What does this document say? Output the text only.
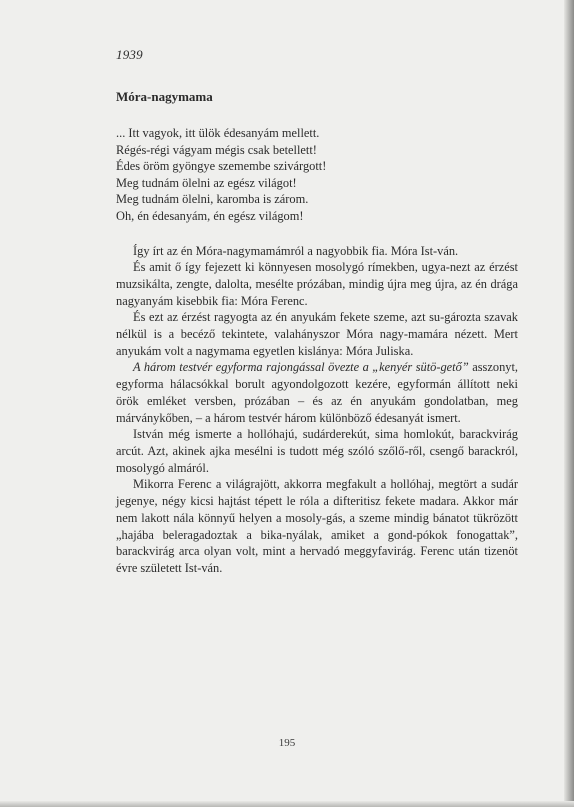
1939
Móra-nagymama
... Itt vagyok, itt ülök édesanyám mellett.
Régés-régi vágyam mégis csak betellett!
Édes öröm gyöngye szemembe szivárgott!
Meg tudnám ölelni az egész világot!
Meg tudnám ölelni, karomba is zárom.
Oh, én édesanyám, én egész világom!

Így írt az én Móra-nagymamámról a nagyobbik fia. Móra Ist-ván.

És amit ő így fejezett ki könnyesen mosolygó rímekben, ugya-nezt az érzést muzsikálta, zengte, dalolta, mesélte prózában, mindig újra meg újra, az én drága nagyanyám kisebbik fia: Móra Ferenc.

És ezt az érzést ragyogta az én anyukám fekete szeme, azt su-gározta szavak nélkül is a becéző tekintete, valahányszor Móra nagy-mamára nézett. Mert anyukám volt a nagymama egyetlen kislánya: Móra Juliska.

A három testvér egyforma rajongással övezte a „kenyér sütö-gető” asszonyt, egyforma hálacsókkal borult agyondolgozott kezére, egyformán állított neki örök emléket versben, prózában – és az én anyukám gondolatban, meg márványkőben, – a három testvér három különböző édesanyát ismert.

István még ismerte a hollóhajú, sudárderekút, sima homlokút, barackvirág arcút. Azt, akinek ajka mesélni is tudott még szóló szőlő-ről, csengő barackról, mosolygó almáról.

Mikorra Ferenc a világrajött, akkorra megfakult a hollóhaj, megtört a sudár jegenye, négy kicsi hajtást tépett le róla a difteritisz fekete madara. Akkor már nem lakott nála könnyű helyen a mosoly-gás, a szeme mindig bánatot tükrözött „hajába beleragadoztak a bika-nyálak, amiket a gond-pókok fonogattak”, barackvirág arca olyan volt, mint a hervadó meggyfavirág. Ferenc után tizenöt évre született Ist-ván.

195
